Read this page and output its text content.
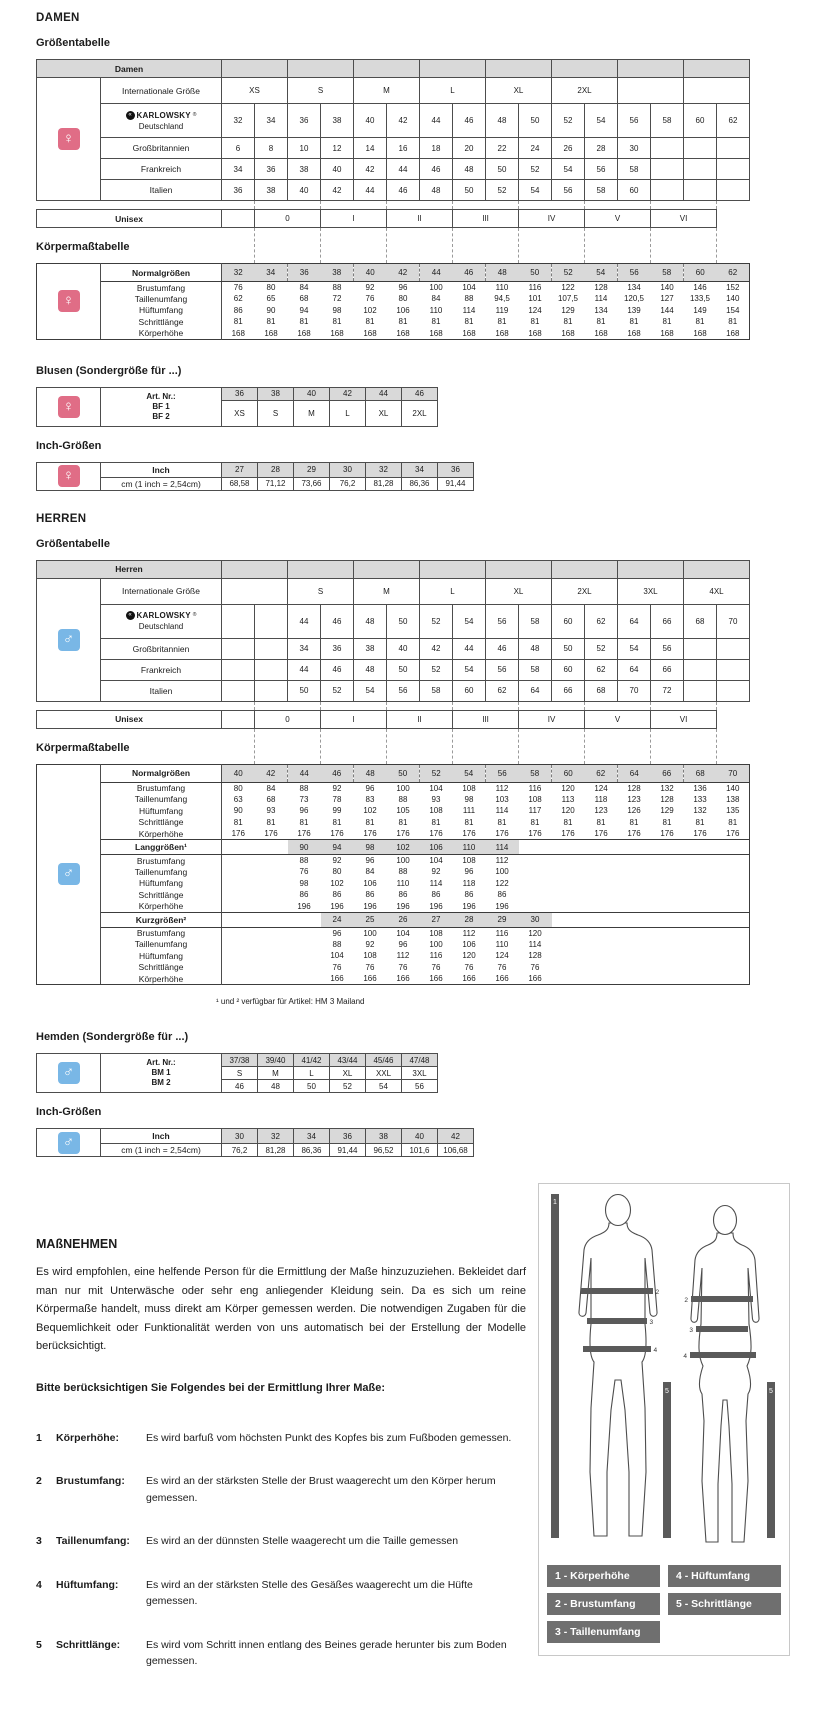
DAMEN
Größentabelle
Damen																	
♀	Internationale Größe	XS		S		M		L		XL		2XL					

	« KARLOWSKY ®
Deutschland	32	34	36	38	40	42	44	46	48	50	52	54	56	58	60	62
	Großbritannien	6	8	10	12	14	16	18	20	22	24	26	28	30			
	Frankreich	34	36	38	40	42	44	46	48	50	52	54	56	58			
	Italien	36	38	40	42	44	46	48	50	52	54	56	58	60			
Unisex		0	I	II	III	IV	V	VI
Körpermaßtabelle
♀	Normalgrößen	32	34	36	38	40	42	44	46	48	50	52	54	56	58	60	62
	Brustumfang	76	80	84	88	92	96	100	104	110	116	122	128	134	140	146	152
	Taillenumfang	62	65	68	72	76	80	84	88	94,5	101	107,5	114	120,5	127	133,5	140
	Hüftumfang	86	90	94	98	102	106	110	114	119	124	129	134	139	144	149	154
	Schrittlänge	81	81	81	81	81	81	81	81	81	81	81	81	81	81	81	81
	Körperhöhe	168	168	168	168	168	168	168	168	168	168	168	168	168	168	168	168
Blusen (Sondergröße für ...)
♀	Art. Nr.:
BF 1
BF 2	36	38	40	42	44	46
		XS	S	M	L	XL	2XL
Inch-Größen
♀	Inch	27	28	29	30	32	34	36
	cm (1 inch = 2,54cm)	68,58	71,12	73,66	76,2	81,28	86,36	91,44
HERREN
Größentabelle
Herren																	
♂	Internationale Größe			S		M		L		XL		2XL		3XL		4XL	

	« KARLOWSKY ®
Deutschland			44	46	48	50	52	54	56	58	60	62	64	66	68	70
	Großbritannien			34	36	38	40	42	44	46	48	50	52	54	56		
	Frankreich			44	46	48	50	52	54	56	58	60	62	64	66		
	Italien			50	52	54	56	58	60	62	64	66	68	70	72		
Unisex		0	I	II	III	IV	V	VI
Körpermaßtabelle
♂	Normalgrößen	40	42	44	46	48	50	52	54	56	58	60	62	64	66	68	70
	Brustumfang	80	84	88	92	96	100	104	108	112	116	120	124	128	132	136	140
	Taillenumfang	63	68	73	78	83	88	93	98	103	108	113	118	123	128	133	138
	Hüftumfang	90	93	96	99	102	105	108	111	114	117	120	123	126	129	132	135
	Schrittlänge	81	81	81	81	81	81	81	81	81	81	81	81	81	81	81	81
	Körperhöhe	176	176	176	176	176	176	176	176	176	176	176	176	176	176	176	176
	Langgrößen¹			90	94	98	102	106	110	114							
	Brustumfang			88	92	96	100	104	108	112							
	Taillenumfang			76	80	84	88	92	96	100							
	Hüftumfang			98	102	106	110	114	118	122							
	Schrittlänge			86	86	86	86	86	86	86							
	Körperhöhe			196	196	196	196	196	196	196							
	Kurzgrößen²				24	25	26	27	28	29	30						
	Brustumfang				96	100	104	108	112	116	120						
	Taillenumfang				88	92	96	100	106	110	114						
	Hüftumfang				104	108	112	116	120	124	128						
	Schrittlänge				76	76	76	76	76	76	76						
	Körperhöhe				166	166	166	166	166	166	166						
¹ und ² verfügbar für Artikel: HM 3 Mailand
Hemden (Sondergröße für ...)
♂	Art. Nr.:
BM 1
BM 2	37/38	39/40	41/42	43/44	45/46	47/48
		S	M	L	XL	XXL	3XL
		46	48	50	52	54	56
Inch-Größen
♂	Inch	30	32	34	36	38	40	42
	cm (1 inch = 2,54cm)	76,2	81,28	86,36	91,44	96,52	101,6	106,68
MAßNEHMEN

Es wird empfohlen, eine helfende Person für die Ermittlung der Maße hinzuzuziehen. Bekleidet darf man nur mit Unterwäsche oder sehr eng anliegender Kleidung sein. Da es sich um reine Körpermaße handelt, muss direkt am Körper gemessen werden. Die notwendigen Zugaben für die Bequemlichkeit oder Funktionalität werden von uns automatisch bei der Erstellung der Modelle berücksichtigt.

Bitte berücksichtigen Sie Folgendes bei der Ermittlung Ihrer Maße:
1	Körperhöhe:	Es wird barfuß vom höchsten Punkt des Kopfes bis zum Fußboden gemessen.
2	Brustumfang:	Es wird an der stärksten Stelle der Brust waagerecht um den Körper herum gemessen.
3	Taillenumfang:	Es wird an der dünnsten Stelle waagerecht um die Taille gemessen
4	Hüftumfang:	Es wird an der stärksten Stelle des Gesäßes waagerecht um die Hüfte gemessen.
5	Schrittlänge:	Es wird vom Schritt innen entlang des Beines gerade herunter bis zum Boden gemessen.
1
2
3
4
5
2
3
4
5
1 - Körperhöhe
2 - Brustumfang
3 - Taillenumfang
4 - Hüftumfang
5 - Schrittlänge
